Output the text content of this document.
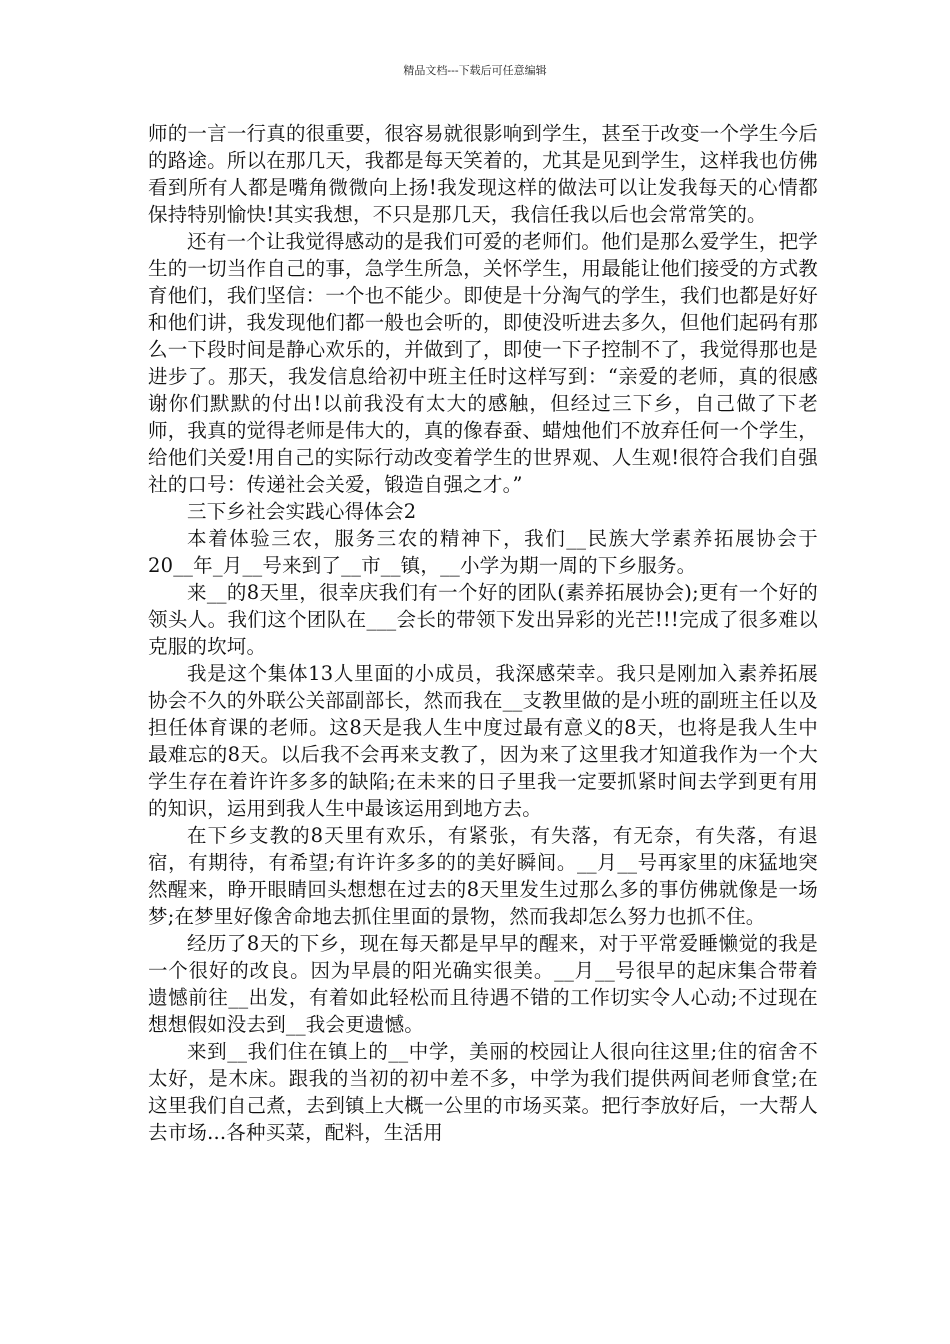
精品文档---下载后可任意编辑

师的一言一行真的很重要，很容易就很影响到学生，甚至于改变一个学生今后的路途。所以在那几天，我都是每天笑着的，尤其是见到学生，这样我也仿佛看到所有人都是嘴角微微向上扬!我发现这样的做法可以让发我每天的心情都保持特别愉快!其实我想，不只是那几天，我信任我以后也会常常笑的。

还有一个让我觉得感动的是我们可爱的老师们。他们是那么爱学生，把学生的一切当作自己的事，急学生所急，关怀学生，用最能让他们接受的方式教育他们，我们坚信：一个也不能少。即使是十分淘气的学生，我们也都是好好和他们讲，我发现他们都一般也会听的，即使没听进去多久，但他们起码有那么一下段时间是静心欢乐的，并做到了，即使一下子控制不了，我觉得那也是进步了。那天，我发信息给初中班主任时这样写到：“亲爱的老师，真的很感谢你们默默的付出!以前我没有太大的感触，但经过三下乡，自己做了下老师，我真的觉得老师是伟大的，真的像春蚕、蜡烛他们不放弃任何一个学生，给他们关爱!用自己的实际行动改变着学生的世界观、人生观!很符合我们自强社的口号：传递社会关爱，锻造自强之才。”

三下乡社会实践心得体会2

本着体验三农，服务三农的精神下，我们__民族大学素养拓展协会于20__年_月__号来到了__市__镇，__小学为期一周的下乡服务。

来__的8天里，很幸庆我们有一个好的团队(素养拓展协会);更有一个好的领头人。我们这个团队在___会长的带领下发出异彩的光芒!!!完成了很多难以克服的坎坷。

我是这个集体13人里面的小成员，我深感荣幸。我只是刚加入素养拓展协会不久的外联公关部副部长，然而我在__支教里做的是小班的副班主任以及担任体育课的老师。这8天是我人生中度过最有意义的8天，也将是我人生中最难忘的8天。以后我不会再来支教了，因为来了这里我才知道我作为一个大学生存在着许许多多的缺陷;在未来的日子里我一定要抓紧时间去学到更有用的知识，运用到我人生中最该运用到地方去。

在下乡支教的8天里有欢乐，有紧张，有失落，有无奈，有失落，有退宿，有期待，有希望;有许许多多的的美好瞬间。__月__号再家里的床猛地突然醒来，睁开眼睛回头想想在过去的8天里发生过那么多的事仿佛就像是一场梦;在梦里好像舍命地去抓住里面的景物，然而我却怎么努力也抓不住。

经历了8天的下乡，现在每天都是早早的醒来，对于平常爱睡懒觉的我是一个很好的改良。因为早晨的阳光确实很美。__月__号很早的起床集合带着遗憾前往__出发，有着如此轻松而且待遇不错的工作切实令人心动;不过现在想想假如没去到__我会更遗憾。

来到__我们住在镇上的__中学，美丽的校园让人很向往这里;住的宿舍不太好，是木床。跟我的当初的初中差不多，中学为我们提供两间老师食堂;在这里我们自己煮，去到镇上大概一公里的市场买菜。把行李放好后，一大帮人去市场...各种买菜，配料，生活用
